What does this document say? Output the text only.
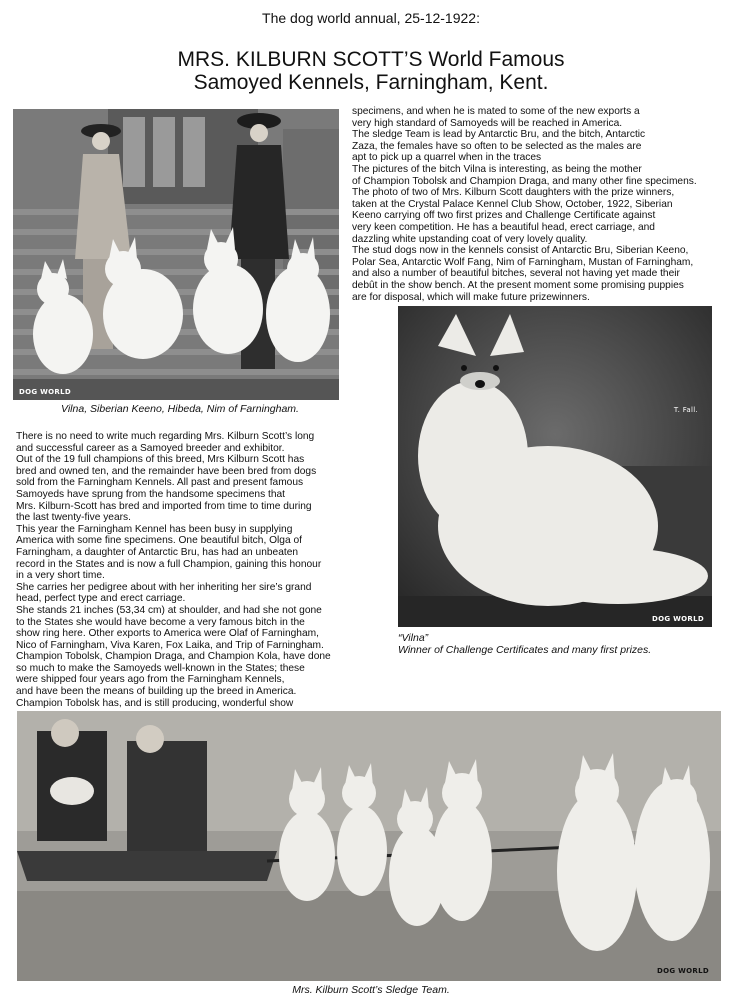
The dog world annual, 25-12-1922:
MRS. KILBURN SCOTT’S World Famous
Samoyed Kennels, Farningham, Kent.
DOG WORLD
Vilna, Siberian Keeno, Hibeda, Nim of Farningham.
specimens, and when he is mated to some of the new exports a
very high standard of Samoyeds will be reached in America.
The sledge Team is lead by Antarctic Bru, and the bitch, Antarctic
Zaza, the females have so often to be selected as the males are
apt to pick up a quarrel when in the traces
The pictures of the bitch Vilna is interesting, as being the mother
of Champion Tobolsk and Champion Draga, and many other fine specimens.
The photo of two of Mrs. Kilburn Scott daughters with the prize winners,
taken at the Crystal Palace Kennel Club Show, October, 1922, Siberian
Keeno carrying off two first prizes and Challenge Certificate against
very keen competition. He has a beautiful head, erect carriage, and
dazzling white upstanding coat of very lovely quality.
The stud dogs now in the kennels consist of Antarctic Bru, Siberian Keeno,
Polar Sea, Antarctic Wolf Fang, Nim of Farningham, Mustan of Farningham,
and also a number of beautiful bitches, several not having yet made their
debût in the show bench. At the present moment some promising puppies
are for disposal, which will make future prizewinners.
DOG WORLD
T. Fall.
“Vilna”
Winner of Challenge Certificates and many first prizes.
There is no need to write much regarding Mrs. Kilburn Scott’s long
and successful career as a Samoyed breeder and exhibitor.
Out of the 19 full champions of this breed, Mrs Kilburn Scott has
bred and owned ten, and the remainder have been bred from dogs
sold from the Farningham Kennels. All past and present famous
Samoyeds have sprung from the handsome specimens that
Mrs. Kilburn-Scott has bred and imported from time to time during
the last twenty-five years.
This year the Farningham Kennel has been busy in supplying
America with some fine specimens. One beautiful bitch, Olga of
Farningham, a daughter of Antarctic Bru, has had an unbeaten
record in the States and is now a full Champion, gaining this honour
in a very short time.
She carries her pedigree about with her inheriting her sire’s grand
head, perfect type and erect carriage.
She stands 21 inches (53,34 cm) at shoulder, and had she not gone
to the States she would have become a very famous bitch in the
show ring here. Other exports to America were Olaf of Farningham,
Nico of Farningham, Viva Karen, Fox Laika, and Trip of Farningham.
Champion Tobolsk, Champion Draga, and Champion Kola, have done
so much to make the Samoyeds well-known in the States; these
were shipped four years ago from the Farningham Kennels,
and have been the means of building up the breed in America.
Champion Tobolsk has, and is still producing, wonderful show
DOG WORLD
Mrs. Kilburn Scott’s Sledge Team.
